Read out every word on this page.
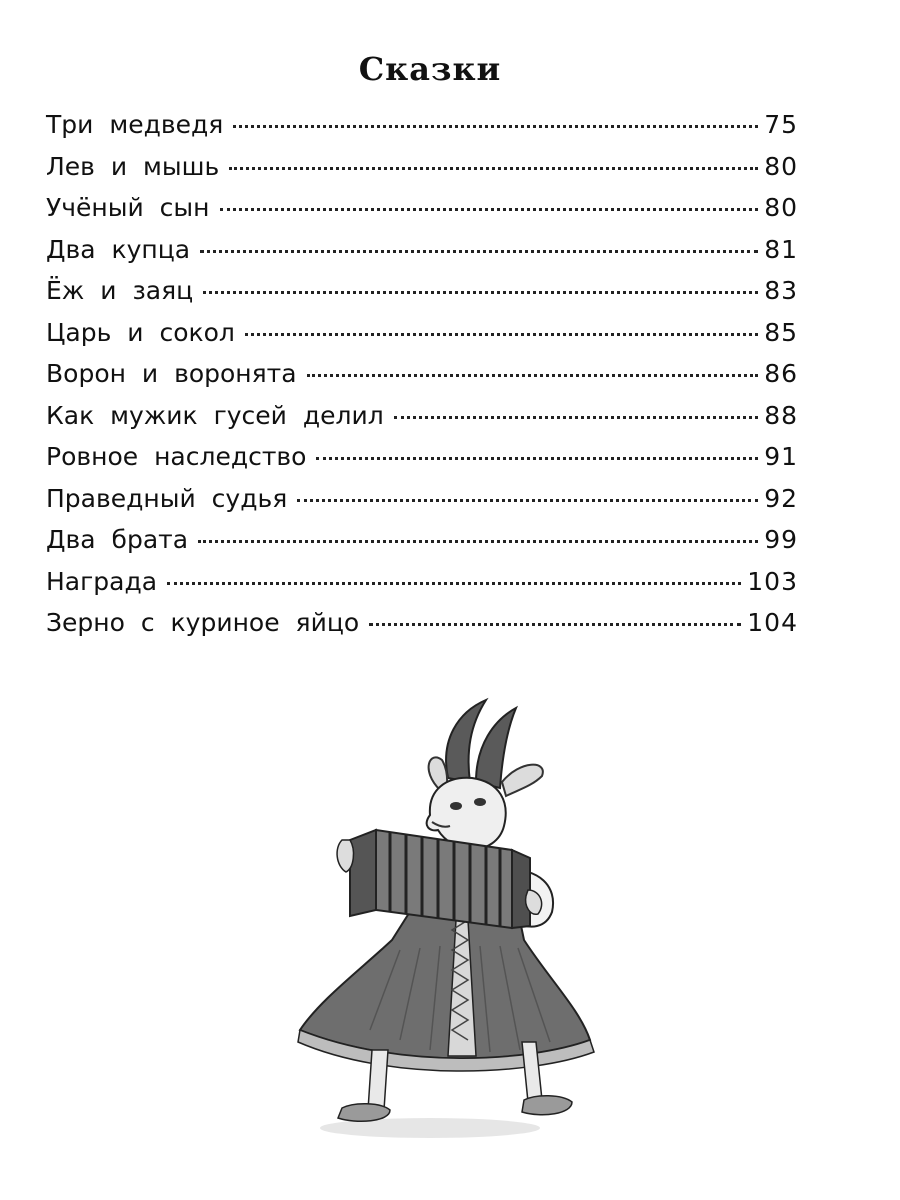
Сказки
Три медведя	75
Лев и мышь	80
Учёный сын	80
Два купца	81
Ёж и заяц	83
Царь и сокол	85
Ворон и воронята	86
Как мужик гусей делил	88
Ровное наследство	91
Праведный судья	92
Два брата	99
Награда	103
Зерно с куриное яйцо	104
